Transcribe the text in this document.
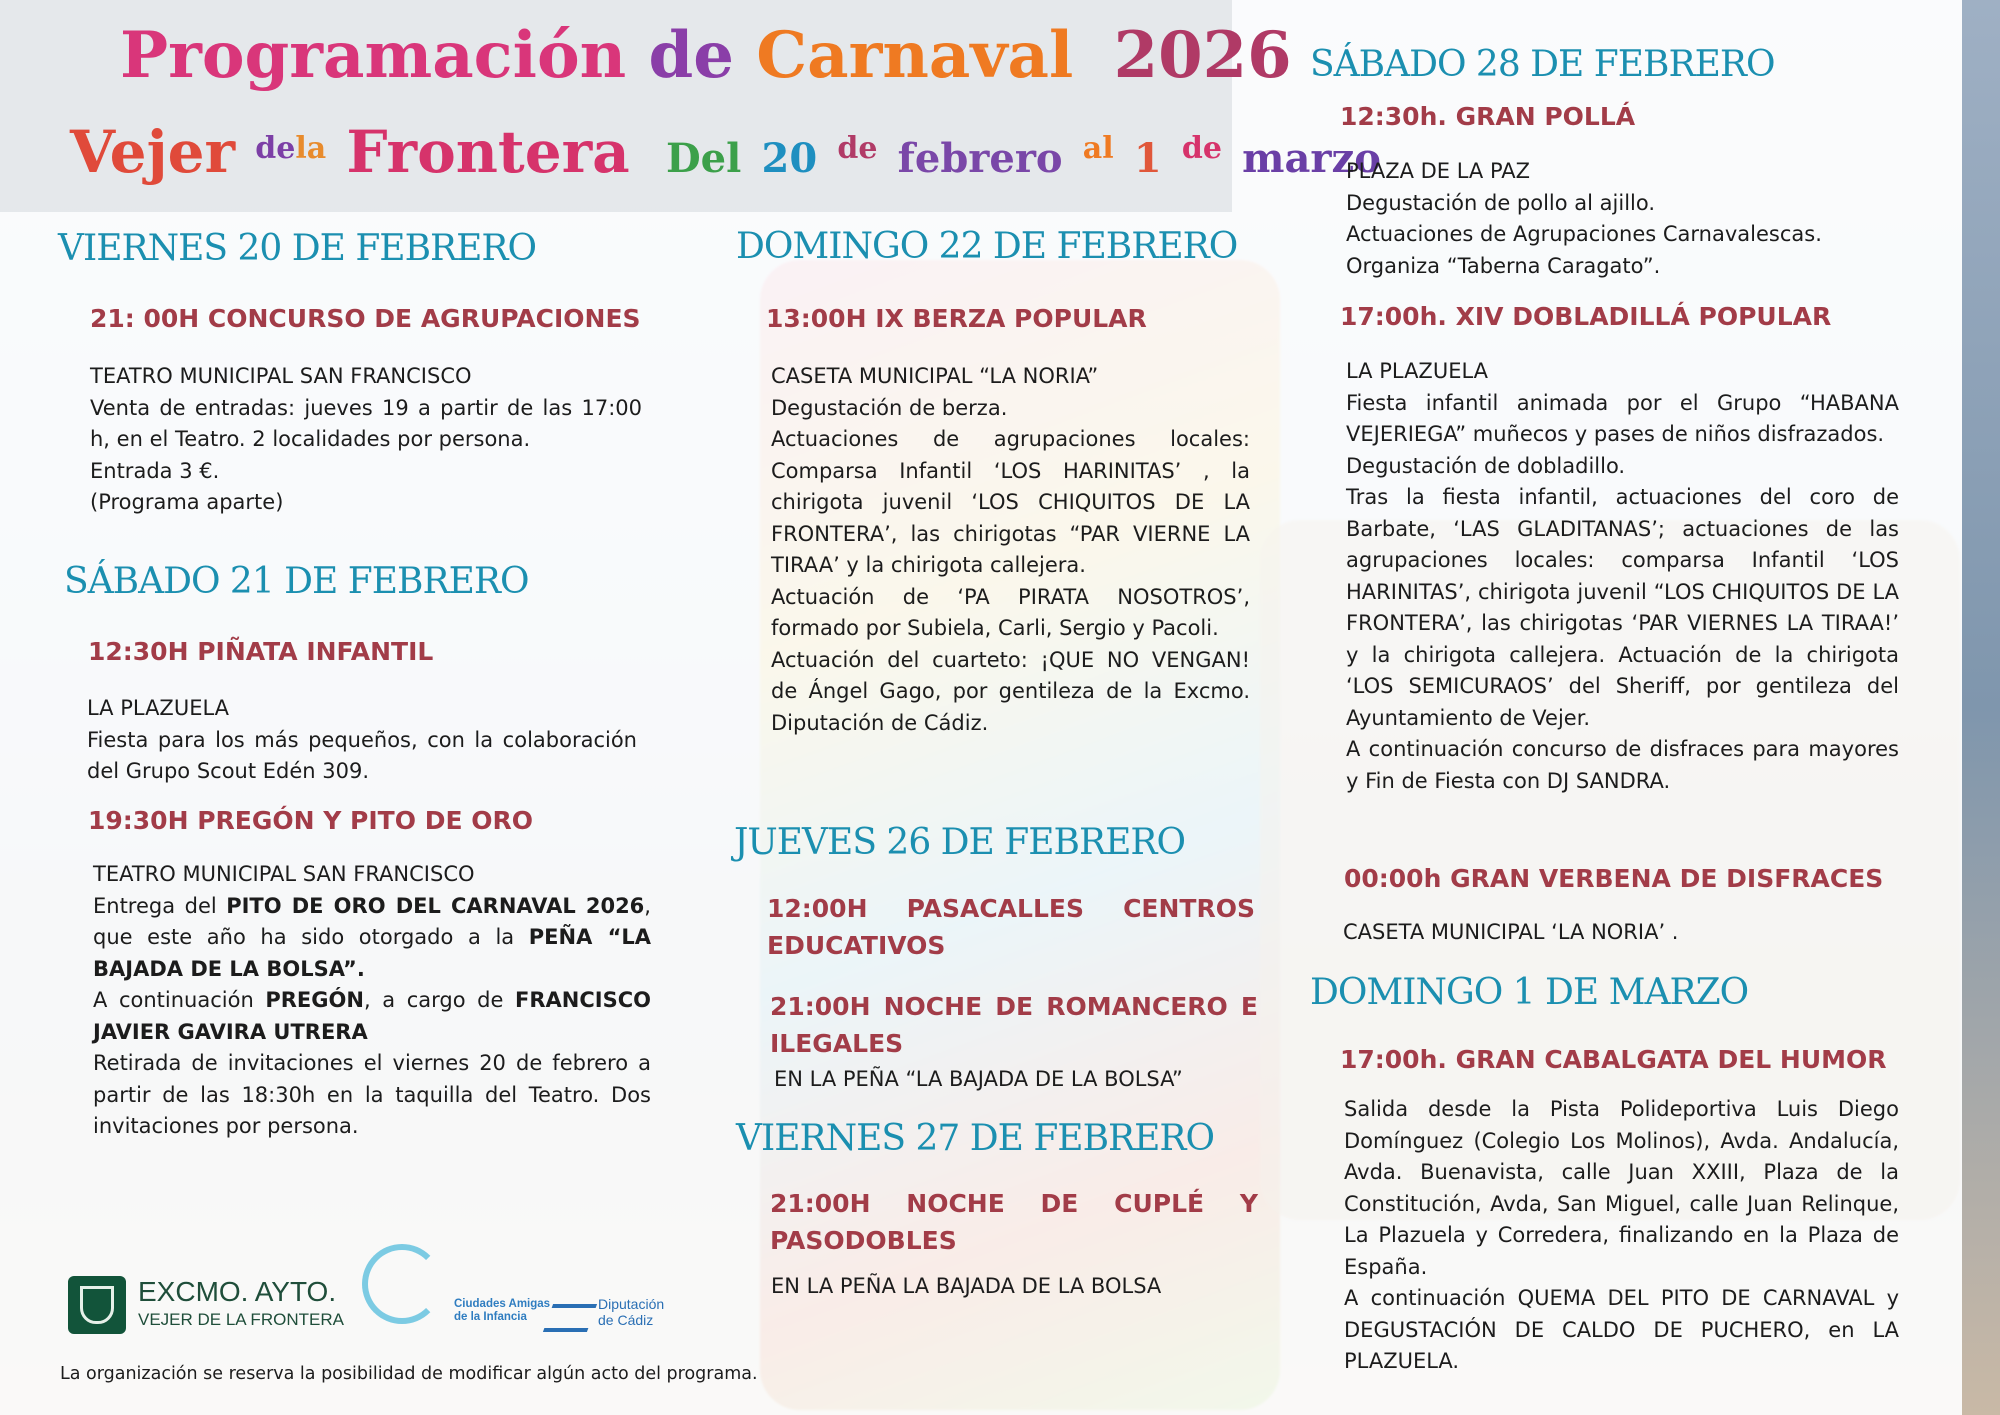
Programación de Carnaval 2026
Vejer $^{dela}$ Frontera Del 20 $^{de}$ febrero $^{al}$ 1 $^{de}$ marzo
VIERNES 20 DE FEBRERO
21: 00H CONCURSO DE AGRUPACIONES

TEATRO MUNICIPAL SAN FRANCISCO

Venta de entradas: jueves 19 a partir de las 17:00 h, en el Teatro. 2 localidades por persona.

Entrada 3 €.

(Programa aparte)

SÁBADO 21 DE FEBRERO
12:30H PIÑATA INFANTIL

LA PLAZUELA

Fiesta para los más pequeños, con la colaboración del Grupo Scout Edén 309.

19:30H PREGÓN Y PITO DE ORO

TEATRO MUNICIPAL SAN FRANCISCO

Entrega del PITO DE ORO DEL CARNAVAL 2026, que este año ha sido otorgado a la PEÑA “LA BAJADA DE LA BOLSA”.

A continuación PREGÓN, a cargo de FRANCISCO JAVIER GAVIRA UTRERA

Retirada de invitaciones el viernes 20 de febrero a partir de las 18:30h en la taquilla del Teatro. Dos invitaciones por persona.

DOMINGO 22 DE FEBRERO
13:00H IX BERZA POPULAR

CASETA MUNICIPAL “LA NORIA”

Degustación de berza.

Actuaciones de agrupaciones locales: Comparsa Infantil ‘LOS HARINITAS’ , la chirigota juvenil ‘LOS CHIQUITOS DE LA FRONTERA’, las chirigotas “PAR VIERNE LA TIRAA’ y la chirigota callejera.

Actuación de ‘PA PIRATA NOSOTROS’, formado por Subiela, Carli, Sergio y Pacoli.

Actuación del cuarteto: ¡QUE NO VENGAN! de Ángel Gago, por gentileza de la Excmo. Diputación de Cádiz.

JUEVES 26 DE FEBRERO
12:00H PASACALLES CENTROS EDUCATIVOS
21:00H NOCHE DE ROMANCERO E ILEGALES
EN LA PEÑA “LA BAJADA DE LA BOLSA”
VIERNES 27 DE FEBRERO
21:00H NOCHE DE CUPLÉ Y PASODOBLES
EN LA PEÑA LA BAJADA DE LA BOLSA
SÁBADO 28 DE FEBRERO
12:30h. GRAN POLLÁ

PLAZA DE LA PAZ

Degustación de pollo al ajillo.

Actuaciones de Agrupaciones Carnavalescas.

Organiza “Taberna Caragato”.

17:00h. XIV DOBLADILLÁ POPULAR

LA PLAZUELA

Fiesta infantil animada por el Grupo “HABANA VEJERIEGA” muñecos y pases de niños disfrazados.

Degustación de dobladillo.

Tras la fiesta infantil, actuaciones del coro de Barbate, ‘LAS GLADITANAS’; actuaciones de las agrupaciones locales: comparsa Infantil ‘LOS HARINITAS’, chirigota juvenil “LOS CHIQUITOS DE LA FRONTERA’, las chirigotas ‘PAR VIERNES LA TIRAA!’ y la chirigota callejera. Actuación de la chirigota ‘LOS SEMICURAOS’ del Sheriff, por gentileza del Ayuntamiento de Vejer.

A continuación concurso de disfraces para mayores y Fin de Fiesta con DJ SANDRA.

00:00h GRAN VERBENA DE DISFRACES
CASETA MUNICIPAL ‘LA NORIA’ .
DOMINGO 1 DE MARZO
17:00h. GRAN CABALGATA DEL HUMOR

Salida desde la Pista Polideportiva Luis Diego Domínguez (Colegio Los Molinos), Avda. Andalucía, Avda. Buenavista, calle Juan XXIII, Plaza de la Constitución, Avda, San Miguel, calle Juan Relinque, La Plazuela y Corredera, finalizando en la Plaza de España.

A continuación QUEMA DEL PITO DE CARNAVAL y DEGUSTACIÓN DE CALDO DE PUCHERO, en LA PLAZUELA.

EXCMO. AYTO.
VEJER DE LA FRONTERA
Ciudades Amigas de la Infancia
Diputación de Cádiz
La organización se reserva la posibilidad de modificar algún acto del programa.
